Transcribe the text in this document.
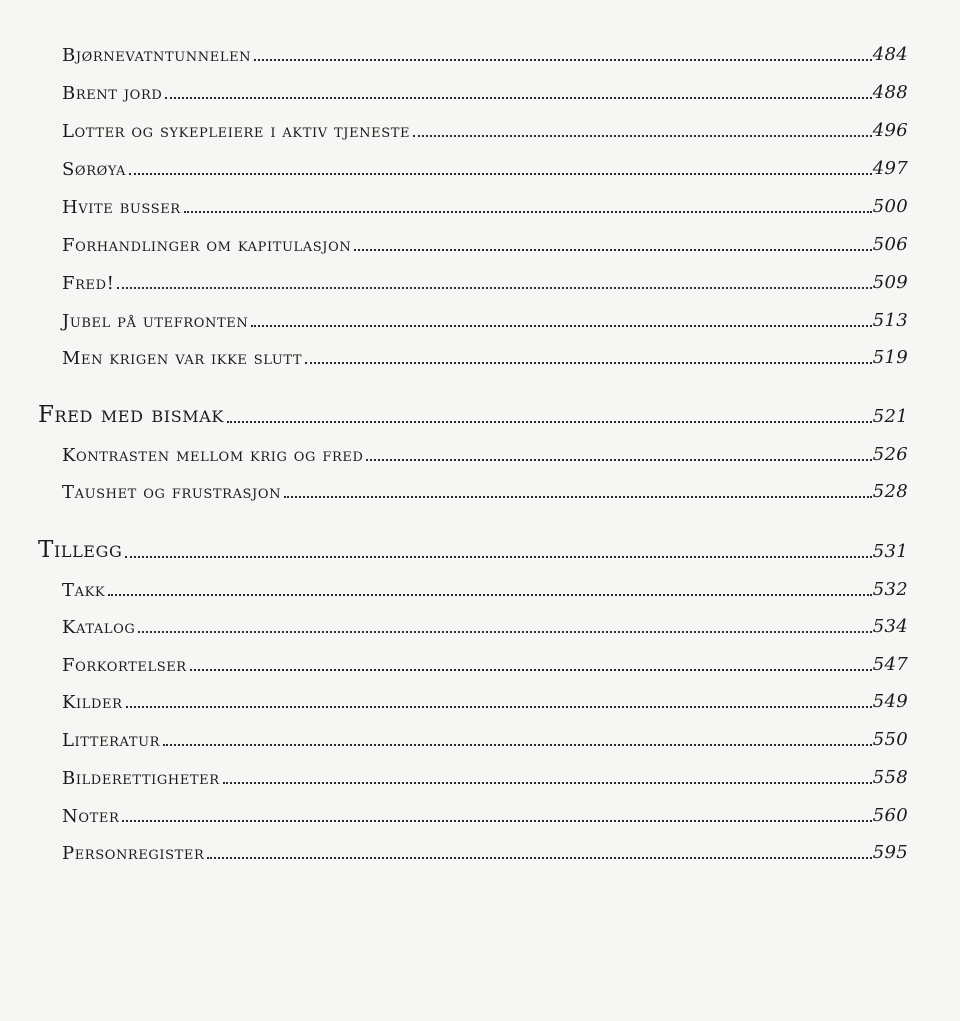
Bjørnevatntunnelen	484
Brent jord	488
Lotter og sykepleiere i aktiv tjeneste	496
Sørøya	497
Hvite busser	500
Forhandlinger om kapitulasjon	506
Fred!	509
Jubel på utefronten	513
Men krigen var ikke slutt	519
Fred med bismak	521
Kontrasten mellom krig og fred	526
Taushet og frustrasjon	528
Tillegg	531
Takk	532
Katalog	534
Forkortelser	547
Kilder	549
Litteratur	550
Bilderettigheter	558
Noter	560
Personregister	595
